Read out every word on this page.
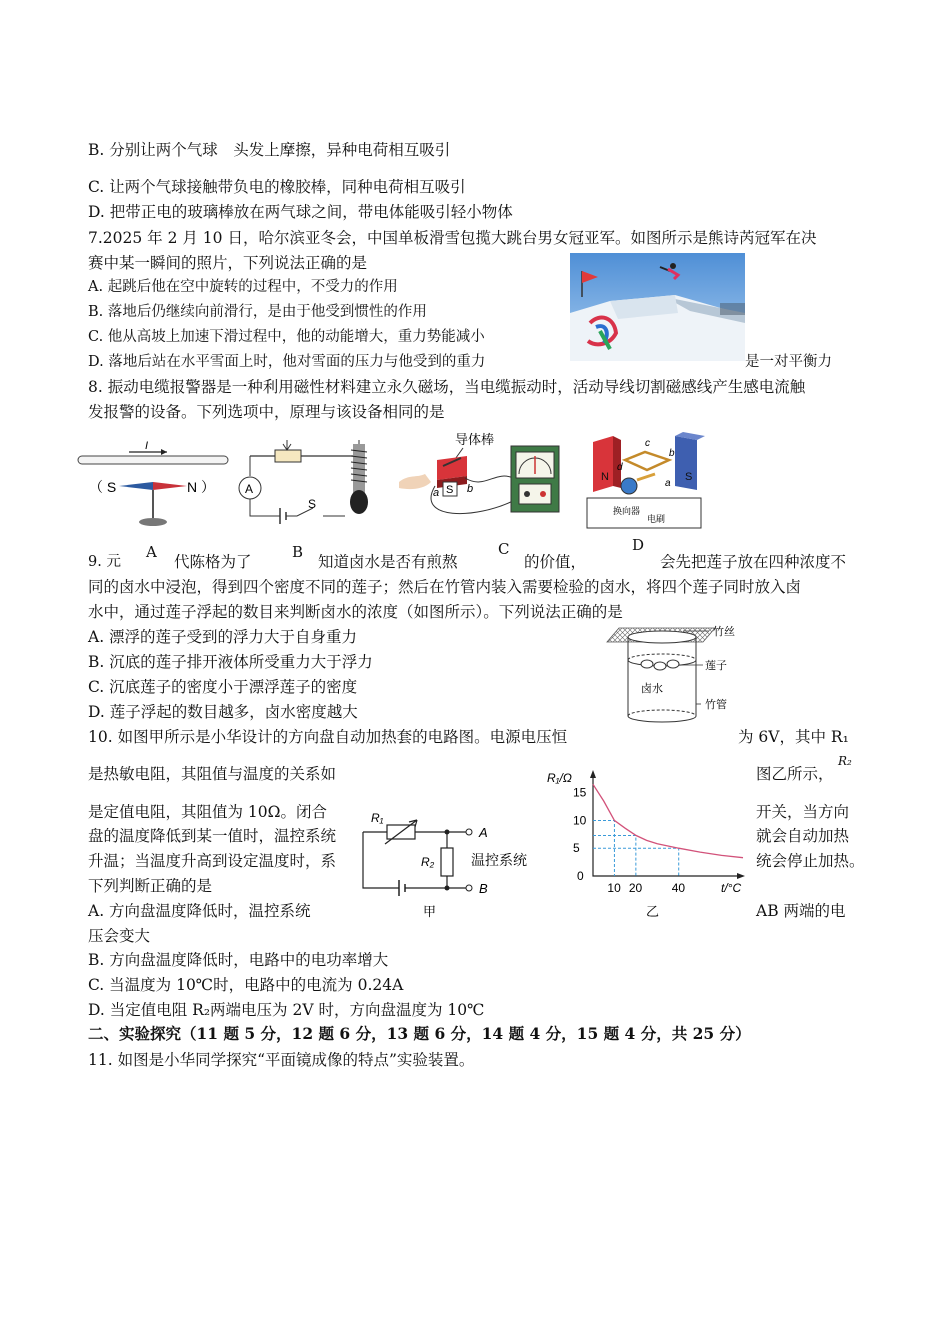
B. 分别让两个气球　头发上摩擦，异种电荷相互吸引
C. 让两个气球接触带负电的橡胶棒，同种电荷相互吸引
D. 把带正电的玻璃棒放在两气球之间，带电体能吸引轻小物体
7.2025 年 2 月 10 日，哈尔滨亚冬会，中国单板滑雪包揽大跳台男女冠亚军。如图所示是熊诗芮冠军在决
赛中某一瞬间的照片，下列说法正确的是
A. 起跳后他在空中旋转的过程中，不受力的作用
B. 落地后仍继续向前滑行，是由于他受到惯性的作用
C. 他从高坡上加速下滑过程中，他的动能增大，重力势能减小
D. 落地后站在水平雪面上时，他对雪面的压力与他受到的重力	是一对平衡力
8. 振动电缆报警器是一种利用磁性材料建立永久磁场，当电缆振动时，活动导线切割磁感线产生感电流触
发报警的设备。下列选项中，原理与该设备相同的是
I
（ S	N ）	A
S
导体棒
a	b
S
N	S
d
c
b
a
换向器
电刷
A	B	C	D
9. 元	代陈格为了	知道卤水是否有煎熬	的价值，	会先把莲子放在四种浓度不
同的卤水中浸泡，得到四个密度不同的莲子；然后在竹管内装入需要检验的卤水，将四个莲子同时放入卤
水中，通过莲子浮起的数目来判断卤水的浓度（如图所示）。下列说法正确的是
A. 漂浮的莲子受到的浮力大于自身重力
B. 沉底的莲子排开液体所受重力大于浮力
C. 沉底莲子的密度小于漂浮莲子的密度
D. 莲子浮起的数目越多，卤水密度越大
卤水
竹丝
莲子
竹管
10. 如图甲所示是小华设计的方向盘自动加热套的电路图。电源电压恒	为 6V，其中 R₁
是热敏电阻，其阻值与温度的关系如	图乙所示，
R₂
是定值电阻，其阻值为 10Ω。闭合	开关，当方向
盘的温度降低到某一值时，温控系统	就会自动加热
升温；当温度升高到设定温度时，系	统会停止加热。
下列判断正确的是
A. 方向盘温度降低时，温控系统	AB 两端的电
压会变大
B. 方向盘温度降低时，电路中的电功率增大
C. 当温度为 10℃时，电路中的电流为 0.24A
D. 当定值电阻 R₂两端电压为 2V 时，方向盘温度为 10℃
R₁
R₂
A
B
温控系统
甲
R₁/Ω
t/°C
0
乙
5
10
15
10 20 40
二、实验探究（11 题 5 分，12 题 6 分，13 题 6 分，14 题 4 分，15 题 4 分，共 25 分）
11. 如图是小华同学探究“平面镜成像的特点”实验装置。
